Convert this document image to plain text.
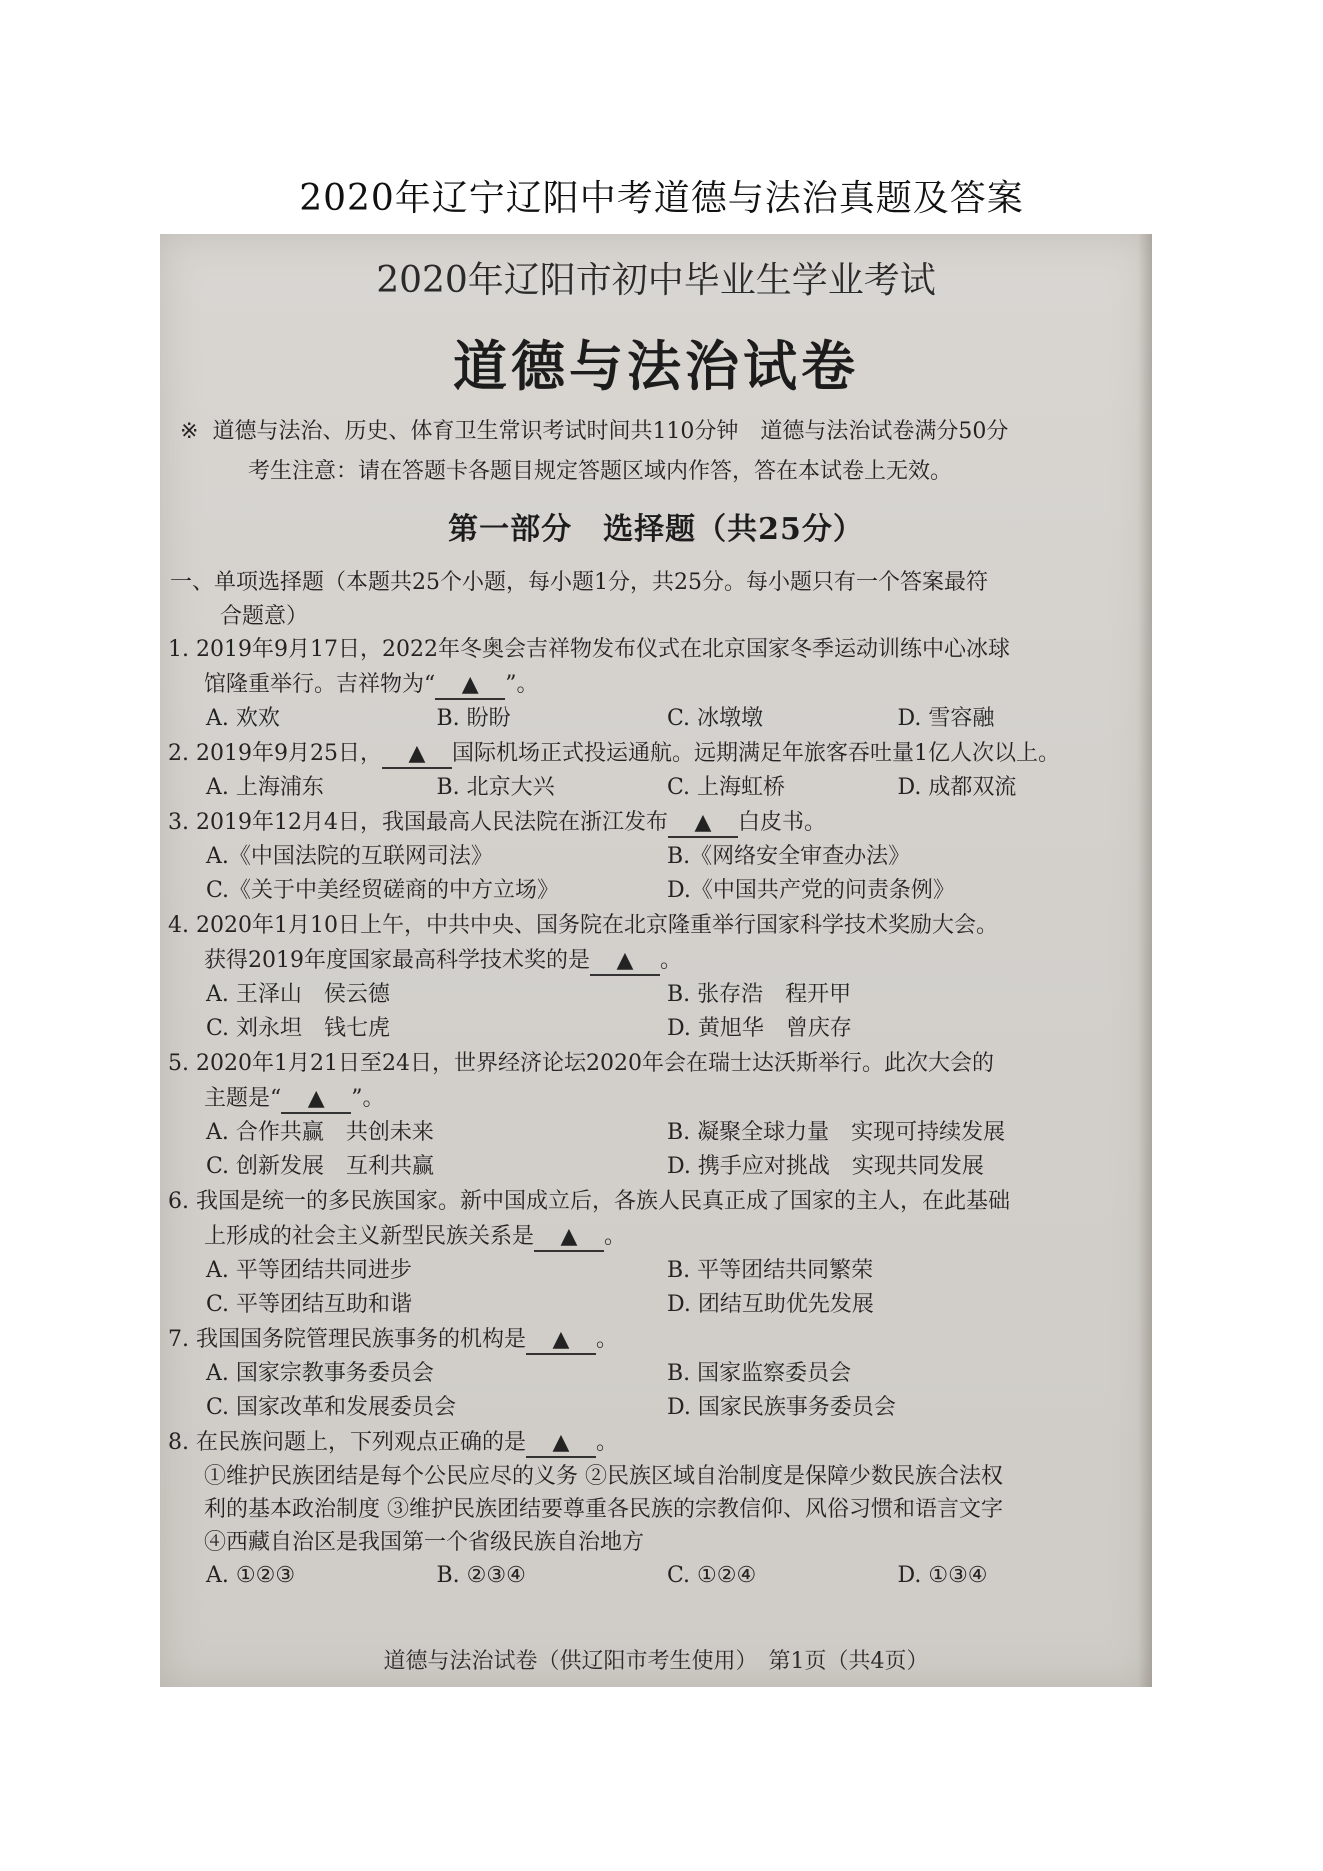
2020年辽宁辽阳中考道德与法治真题及答案
2020年辽阳市初中毕业生学业考试
道德与法治试卷
※ 道德与法治、历史、体育卫生常识考试时间共110分钟　道德与法治试卷满分50分
考生注意：请在答题卡各题目规定答题区域内作答，答在本试卷上无效。
第一部分　选择题（共25分）
一、单项选择题（本题共25个小题，每小题1分，共25分。每小题只有一个答案最符
合题意）
1. 2019年9月17日，2022年冬奥会吉祥物发布仪式在北京国家冬季运动训练中心冰球
馆隆重举行。吉祥物为“ ▲ ”。
A. 欢欢	B. 盼盼	C. 冰墩墩	D. 雪容融
2. 2019年9月25日， ▲ 国际机场正式投运通航。远期满足年旅客吞吐量1亿人次以上。
A. 上海浦东	B. 北京大兴	C. 上海虹桥	D. 成都双流
3. 2019年12月4日，我国最高人民法院在浙江发布 ▲ 白皮书。
A.《中国法院的互联网司法》	B.《网络安全审查办法》
C.《关于中美经贸磋商的中方立场》	D.《中国共产党的问责条例》
4. 2020年1月10日上午，中共中央、国务院在北京隆重举行国家科学技术奖励大会。
获得2019年度国家最高科学技术奖的是 ▲ 。
A. 王泽山　侯云德	B. 张存浩　程开甲
C. 刘永坦　钱七虎	D. 黄旭华　曾庆存
5. 2020年1月21日至24日，世界经济论坛2020年会在瑞士达沃斯举行。此次大会的
主题是“ ▲ ”。
A. 合作共赢　共创未来	B. 凝聚全球力量　实现可持续发展
C. 创新发展　互利共赢	D. 携手应对挑战　实现共同发展
6. 我国是统一的多民族国家。新中国成立后，各族人民真正成了国家的主人，在此基础
上形成的社会主义新型民族关系是 ▲ 。
A. 平等团结共同进步	B. 平等团结共同繁荣
C. 平等团结互助和谐	D. 团结互助优先发展
7. 我国国务院管理民族事务的机构是 ▲ 。
A. 国家宗教事务委员会	B. 国家监察委员会
C. 国家改革和发展委员会	D. 国家民族事务委员会
8. 在民族问题上，下列观点正确的是 ▲ 。
①维护民族团结是每个公民应尽的义务 ②民族区域自治制度是保障少数民族合法权
利的基本政治制度 ③维护民族团结要尊重各民族的宗教信仰、风俗习惯和语言文字
④西藏自治区是我国第一个省级民族自治地方
A. ①②③	B. ②③④	C. ①②④	D. ①③④
道德与法治试卷（供辽阳市考生使用）　第1页（共4页）
